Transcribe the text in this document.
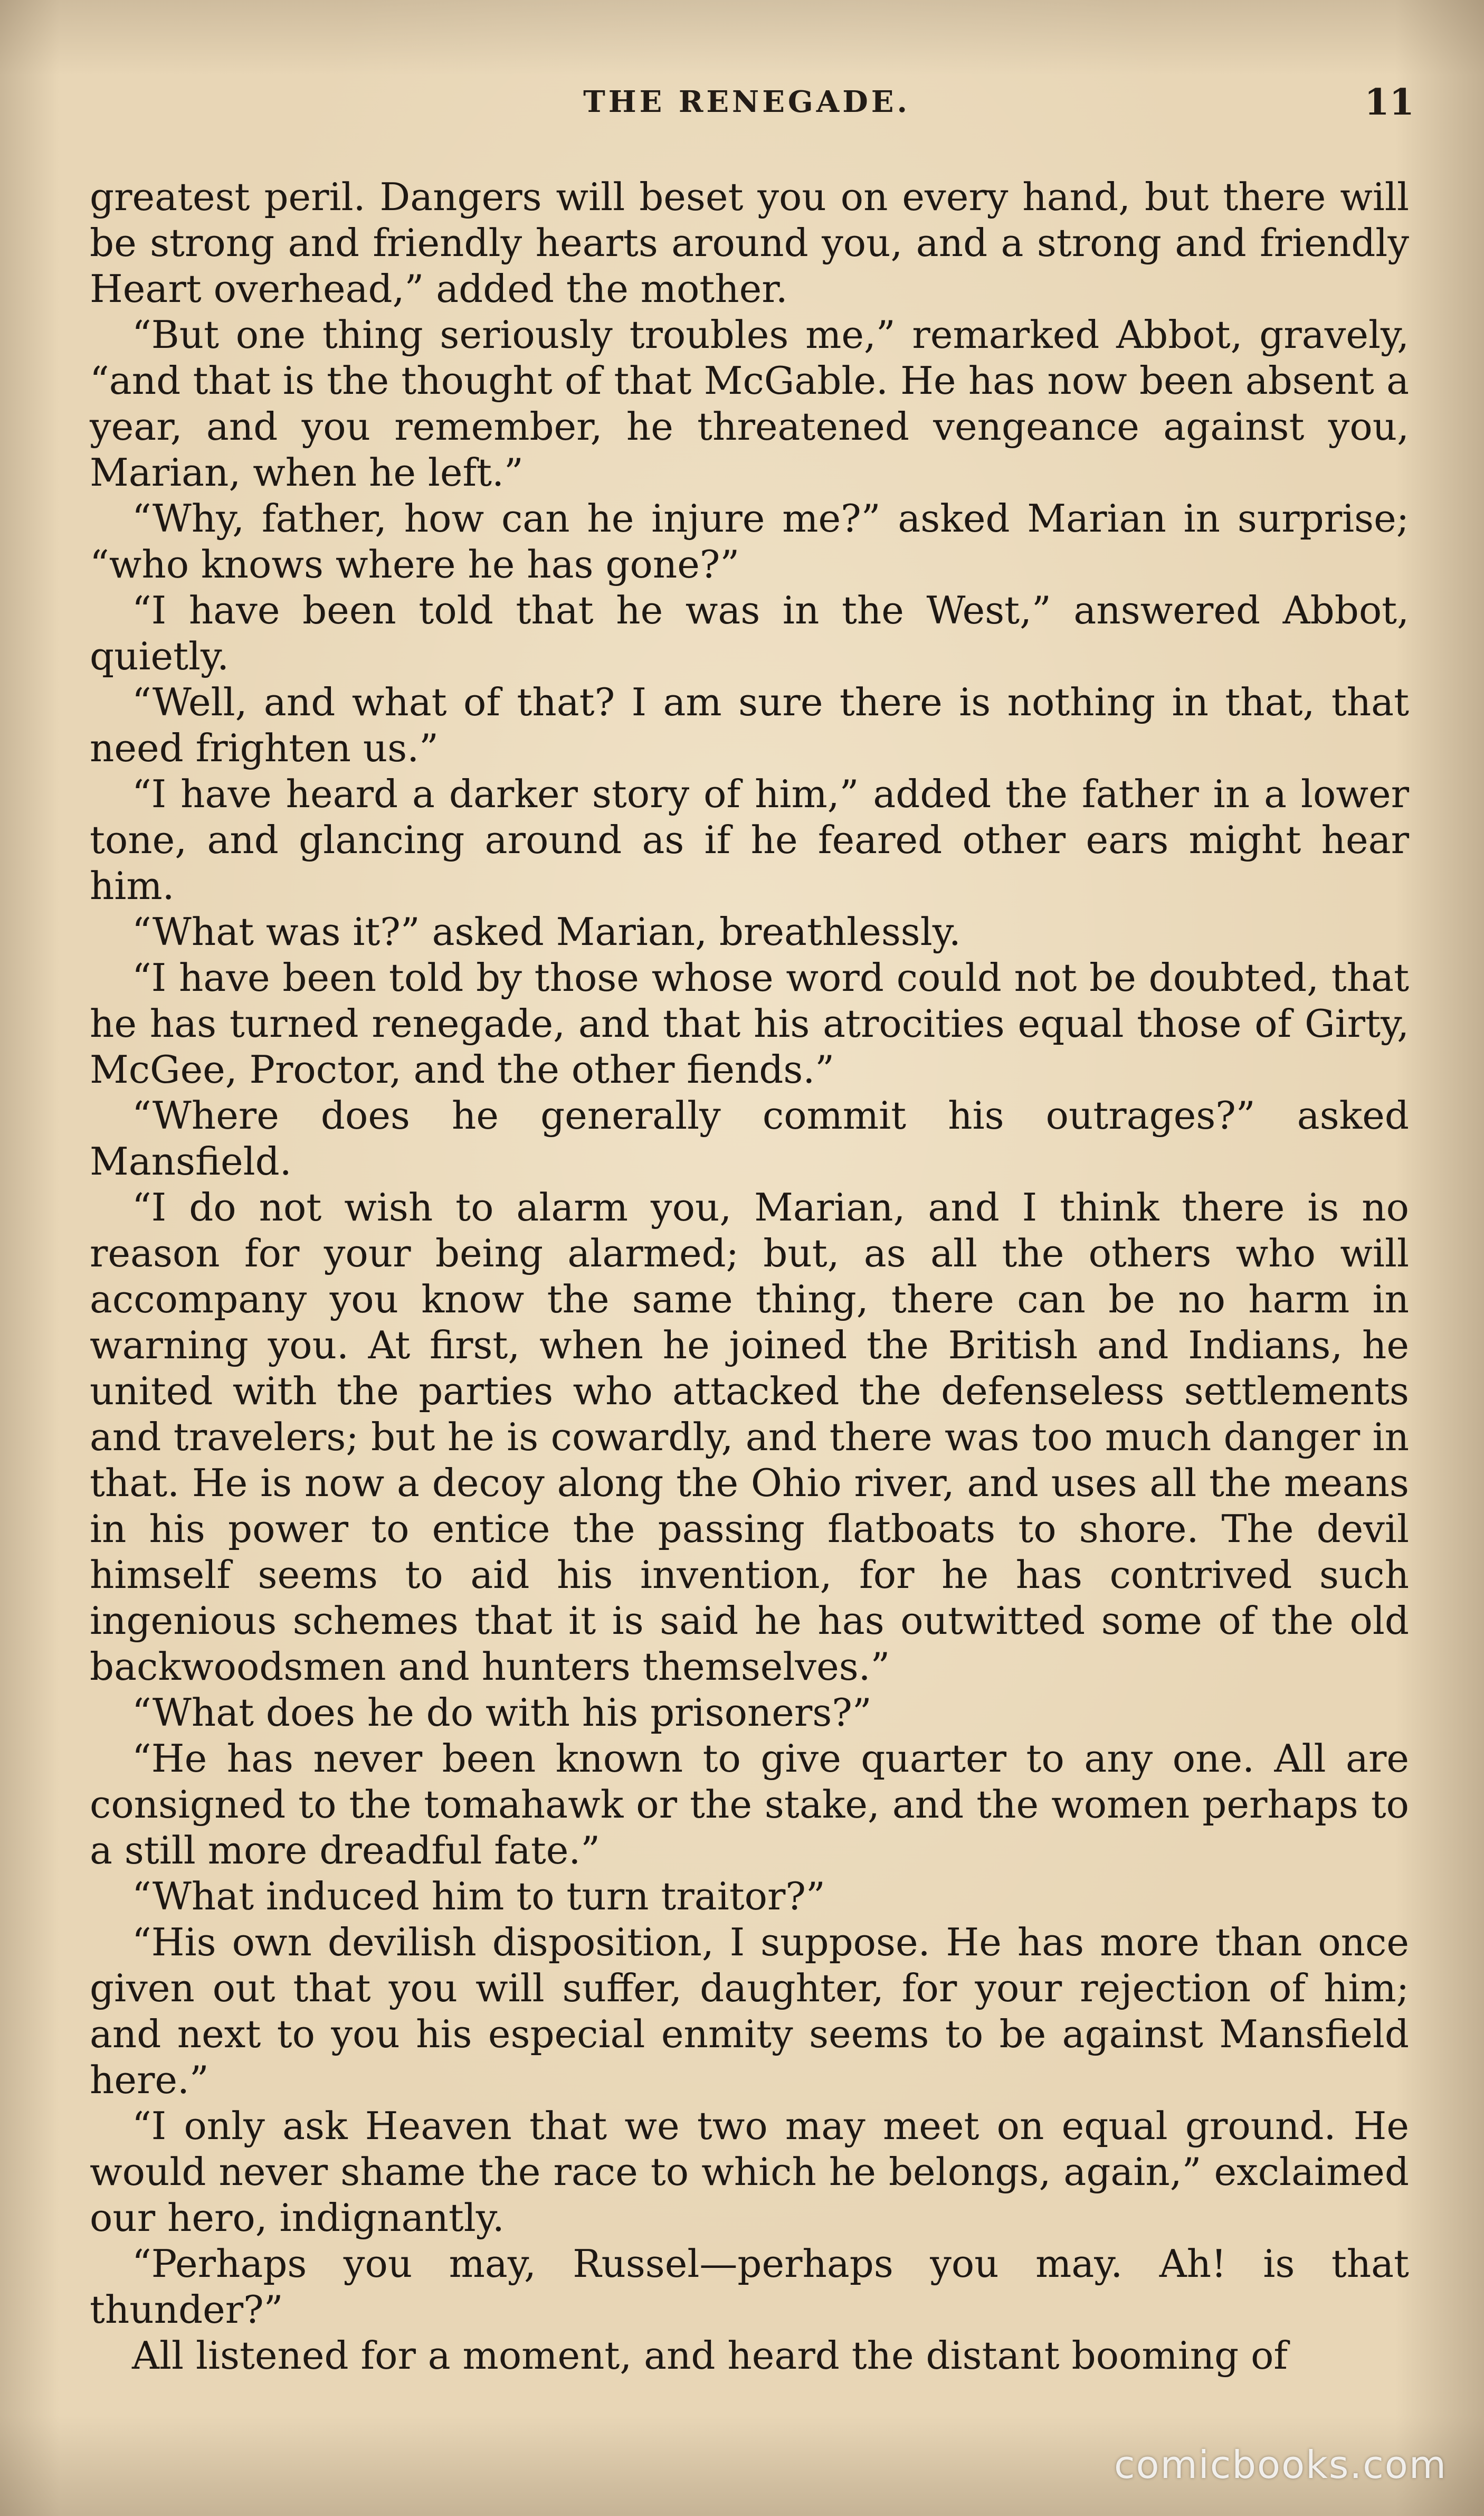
THE RENEGADE.	11

greatest peril. Dangers will beset you on every hand, but there will be strong and friendly hearts around you, and a strong and friendly Heart overhead,” added the mother.

“But one thing seriously troubles me,” remarked Abbot, gravely, “and that is the thought of that McGable. He has now been absent a year, and you remember, he threatened vengeance against you, Marian, when he left.”

“Why, father, how can he injure me?” asked Marian in surprise; “who knows where he has gone?”

“I have been told that he was in the West,” answered Abbot, quietly.

“Well, and what of that? I am sure there is nothing in that, that need frighten us.”

“I have heard a darker story of him,” added the father in a lower tone, and glancing around as if he feared other ears might hear him.

“What was it?” asked Marian, breathlessly.

“I have been told by those whose word could not be doubted, that he has turned renegade, and that his atrocities equal those of Girty, McGee, Proctor, and the other fiends.”

“Where does he generally commit his outrages?” asked Mansfield.

“I do not wish to alarm you, Marian, and I think there is no reason for your being alarmed; but, as all the others who will accompany you know the same thing, there can be no harm in warning you. At first, when he joined the British and Indians, he united with the parties who attacked the defenseless settlements and travelers; but he is cowardly, and there was too much danger in that. He is now a decoy along the Ohio river, and uses all the means in his power to entice the passing flatboats to shore. The devil himself seems to aid his invention, for he has contrived such ingenious schemes that it is said he has outwitted some of the old backwoodsmen and hunters themselves.”

“What does he do with his prisoners?”

“He has never been known to give quarter to any one. All are consigned to the tomahawk or the stake, and the women perhaps to a still more dreadful fate.”

“What induced him to turn traitor?”

“His own devilish disposition, I suppose. He has more than once given out that you will suffer, daughter, for your rejection of him; and next to you his especial enmity seems to be against Mansfield here.”

“I only ask Heaven that we two may meet on equal ground. He would never shame the race to which he belongs, again,” exclaimed our hero, indignantly.

“Perhaps you may, Russel—perhaps you may. Ah! is that thunder?”

All listened for a moment, and heard the distant booming of

comicbooks.com
